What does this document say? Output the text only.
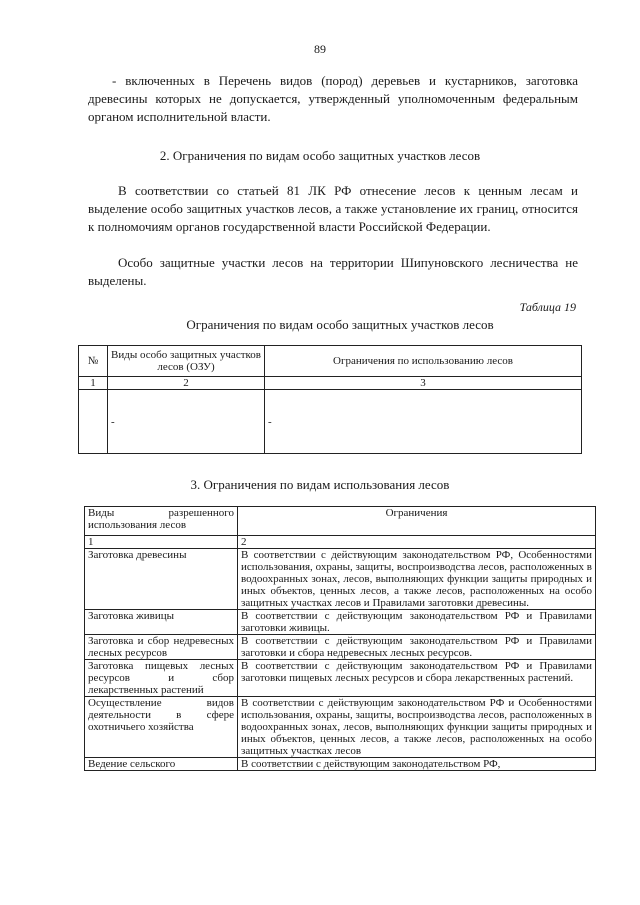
89

- включенных в Перечень видов (пород) деревьев и кустарников, заготовка древесины которых не допускается, утвержденный уполномоченным федеральным органом исполнительной власти.

2. Ограничения по видам особо защитных участков лесов

В соответствии со статьей 81 ЛК РФ отнесение лесов к ценным лесам и выделение особо защитных участков лесов, а также установление их границ, относится к полномочиям органов государственной власти Российской Федерации.

Особо защитные участки лесов на территории Шипуновского лесничества не выделены.

Таблица 19
Ограничения по видам особо защитных участков лесов
№	Виды особо защитных участков лесов (ОЗУ)	Ограничения по использованию лесов
1	2	3
	-	-
3. Ограничения по видам использования лесов
Виды разрешенного использования лесов	Ограничения
1	2
Заготовка древесины	В соответствии с действующим законодательством РФ, Особенностями использования, охраны, защиты, воспроизводства лесов, расположенных в водоохранных зонах, лесов, выполняющих функции защиты природных и иных объектов, ценных лесов, а также лесов, расположенных на особо защитных участках лесов и Правилами заготовки древесины.
Заготовка живицы	В соответствии с действующим законодательством РФ и Правилами заготовки живицы.
Заготовка и сбор недревесных лесных ресурсов	В соответствии с действующим законодательством РФ и Правилами заготовки и сбора недревесных лесных ресурсов.
Заготовка пищевых лесных ресурсов и сбор лекарственных растений	В соответствии с действующим законодательством РФ и Правилами заготовки пищевых лесных ресурсов и сбора лекарственных растений.
Осуществление видов деятельности в сфере охотничьего хозяйства	В соответствии с действующим законодательством РФ и Особенностями использования, охраны, защиты, воспроизводства лесов, расположенных в водоохранных зонах, лесов, выполняющих функции защиты природных и иных объектов, ценных лесов, а также лесов, расположенных на особо защитных участках лесов
Ведение сельского	В соответствии с действующим законодательством РФ,
